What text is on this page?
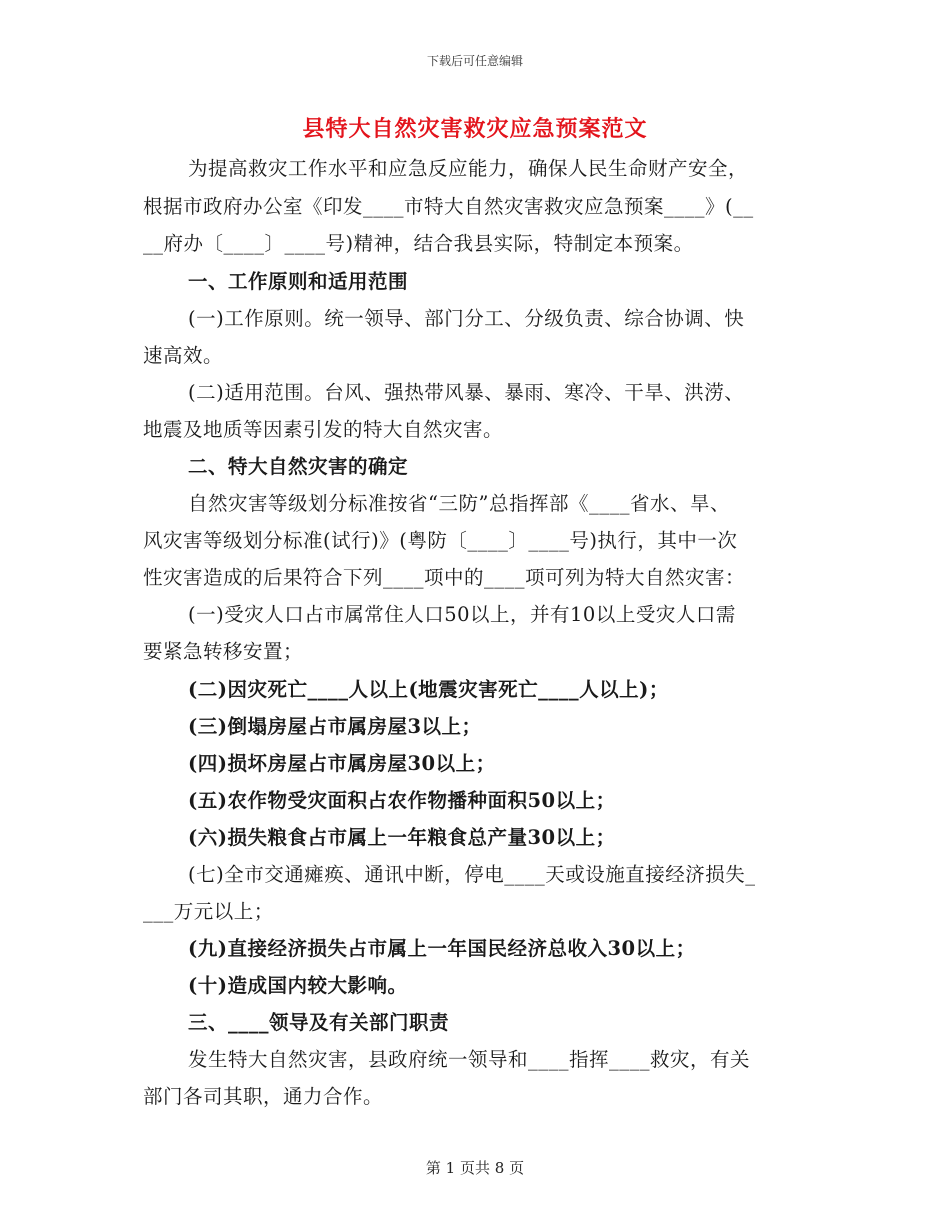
下载后可任意编辑
县特大自然灾害救灾应急预案范文
为提高救灾工作水平和应急反应能力，确保人民生命财产安全，
根据市政府办公室《印发____市特大自然灾害救灾应急预案____》(__
__府办〔____〕____号)精神，结合我县实际，特制定本预案。
一、工作原则和适用范围
(一)工作原则。统一领导、部门分工、分级负责、综合协调、快
速高效。
(二)适用范围。台风、强热带风暴、暴雨、寒冷、干旱、洪涝、
地震及地质等因素引发的特大自然灾害。
二、特大自然灾害的确定
自然灾害等级划分标准按省“三防”总指挥部《____省水、旱、
风灾害等级划分标准(试行)》(粤防〔____〕____号)执行，其中一次
性灾害造成的后果符合下列____项中的____项可列为特大自然灾害：
(一)受灾人口占市属常住人口50以上，并有10以上受灾人口需
要紧急转移安置；
(二)因灾死亡____人以上(地震灾害死亡____人以上)；
(三)倒塌房屋占市属房屋3以上；
(四)损坏房屋占市属房屋30以上；
(五)农作物受灾面积占农作物播种面积50以上；
(六)损失粮食占市属上一年粮食总产量30以上；
(七)全市交通瘫痪、通讯中断，停电____天或设施直接经济损失_
___万元以上；
(九)直接经济损失占市属上一年国民经济总收入30以上；
(十)造成国内较大影响。
三、____领导及有关部门职责
发生特大自然灾害，县政府统一领导和____指挥____救灾，有关
部门各司其职，通力合作。
第 1 页共 8 页
